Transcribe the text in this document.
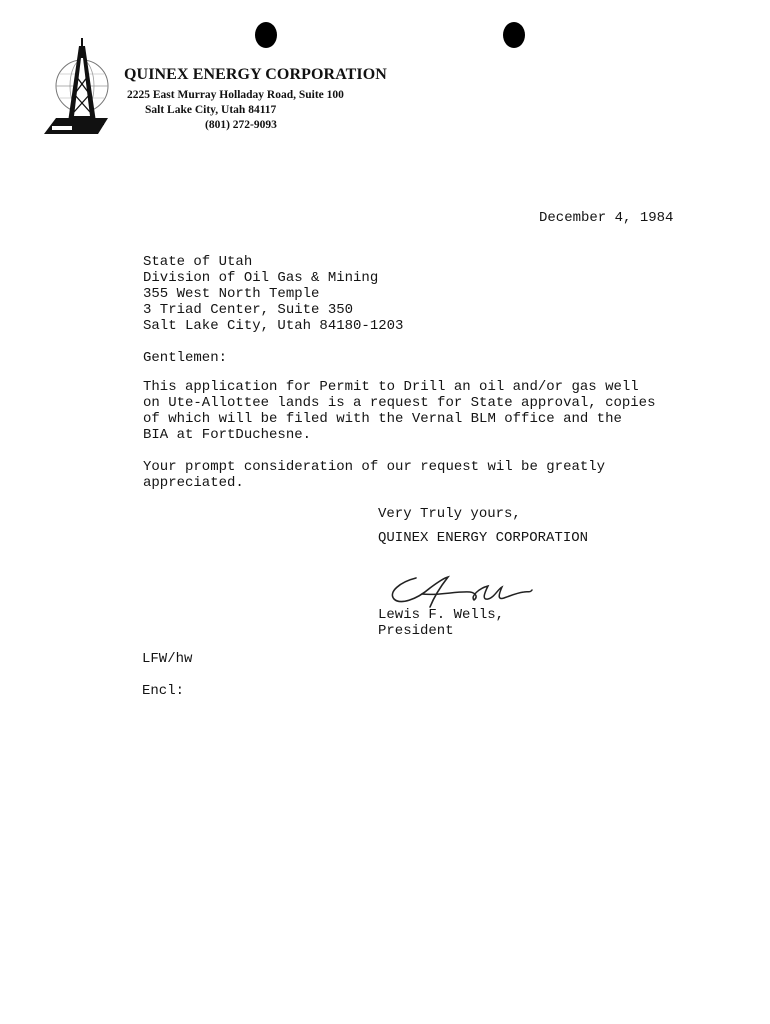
QUINEX ENERGY CORPORATION
2225 East Murray Holladay Road, Suite 100
Salt Lake City, Utah 84117
(801) 272-9093
December 4, 1984
State of Utah
Division of Oil Gas & Mining
355 West North Temple
3 Triad Center, Suite 350
Salt Lake City, Utah 84180-1203
Gentlemen:
This application for Permit to Drill an oil and/or gas well
on Ute-Allottee lands is a request for State approval, copies
of which will be filed with the Vernal BLM office and the
BIA at FortDuchesne.
Your prompt consideration of our request wil be greatly
appreciated.
Very Truly yours,
QUINEX ENERGY CORPORATION
Lewis F. Wells,
President
LFW/hw
Encl:
